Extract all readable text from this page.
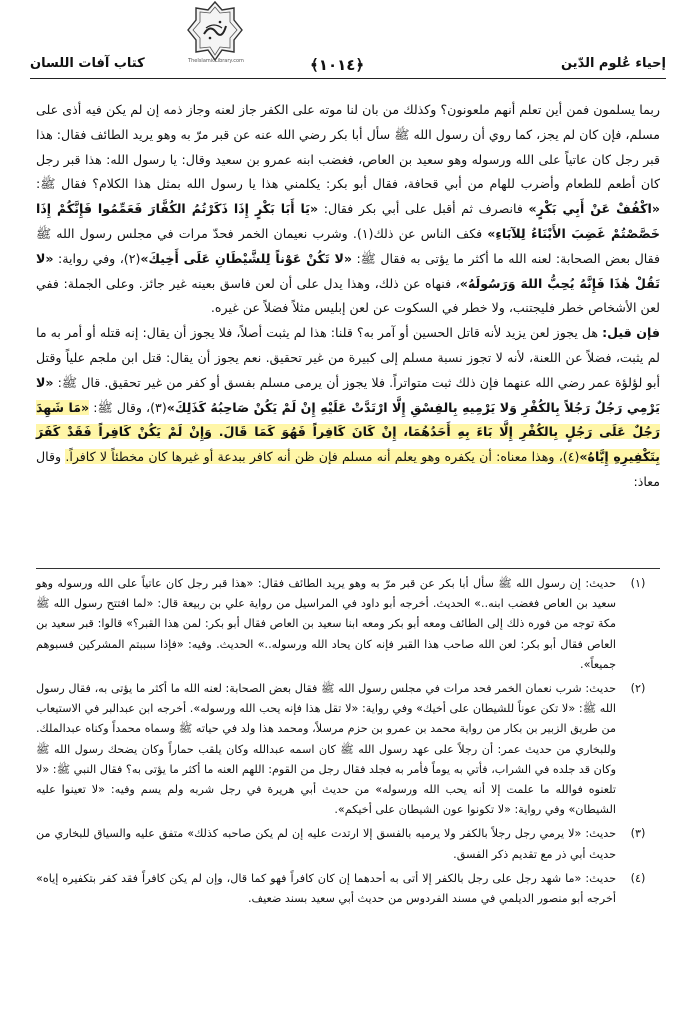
إحياء عُلوم الدّين
﴿١٠١٤﴾
كتاب آفات اللسان	TheIslamicLibrary.com

ربما يسلمون فمن أين تعلم أنهم ملعونون؟ وكذلك من بان لنا موته على الكفر جاز لعنه وجاز ذمه إن لم يكن فيه أذى على مسلم، فإن كان لم يجز، كما روي أن رسول الله ﷺ سأل أبا بكر رضي الله عنه عن قبر مرّ به وهو يريد الطائف فقال: هذا قبر رجل كان عاتياً على الله ورسوله وهو سعيد بن العاص، فغضب ابنه عمرو بن سعيد وقال: يا رسول الله: هذا قبر رجل كان أطعم للطعام وأضرب للهام من أبي قحافة، فقال أبو بكر: يكلمني هذا يا رسول الله بمثل هذا الكلام؟ فقال ﷺ: «اكْفُفْ عَنْ أَبِي بَكْرٍ» فانصرف ثم أقبل على أبي بكر فقال: «يَا أَبَا بَكْرٍ إِذَا ذَكَرْتُمُ الكُفَّارَ فَعَمِّمُوا فَإِنَّكُمْ إِذَا خَصَّصْتُمْ غَضِبَ الأَبْنَاءُ لِلآبَاءِ» فكف الناس عن ذلك(١). وشرب نعيمان الخمر فحدّ مرات في مجلس رسول الله ﷺ فقال بعض الصحابة: لعنه الله ما أكثر ما يؤتى به فقال ﷺ: «لا تَكُنْ عَوْناً لِلشَّيْطَانِ عَلَى أَخِيكَ»(٢)، وفي رواية: «لا تَقُلْ هٰذَا فَإِنَّهُ يُحِبُّ اللهَ وَرَسُولَهُ»، فنهاه عن ذلك، وهذا يدل على أن لعن فاسق بعينه غير جائز. وعلى الجملة: ففي لعن الأشخاص خطر فليجتنب، ولا خطر في السكوت عن لعن إبليس مثلاً فضلاً عن غيره.

فإن قيل: هل يجوز لعن يزيد لأنه قاتل الحسين أو آمر به؟ قلنا: هذا لم يثبت أصلاً، فلا يجوز أن يقال: إنه قتله أو أمر به ما لم يثبت، فضلاً عن اللعنة، لأنه لا تجوز نسبة مسلم إلى كبيرة من غير تحقيق. نعم يجوز أن يقال: قتل ابن ملجم علياً وقتل أبو لؤلؤة عمر رضي الله عنهما فإن ذلك ثبت متواتراً. فلا يجوز أن يرمى مسلم بفسق أو كفر من غير تحقيق. قال ﷺ: «لا يَرْمِي رَجُلٌ رَجُلاً بِالكُفْرِ وَلا يَرْمِيهِ بِالفِسْقِ إِلَّا ارْتَدَّتْ عَلَيْهِ إِنْ لَمْ يَكُنْ صَاحِبُهُ كَذَلِكَ»(٣)، وقال ﷺ: «مَا شَهِدَ رَجُلٌ عَلَى رَجُلٍ بِالكُفْرِ إِلَّا بَاءَ بِهِ أَحَدُهُمَا، إِنْ كَانَ كَافِراً فَهُوَ كَمَا قَالَ. وَإِنْ لَمْ يَكُنْ كَافِراً فَقَدْ كَفَرَ بِتَكْفِيرِهِ إِيَّاهُ»(٤)، وهذا معناه: أن يكفره وهو يعلم أنه مسلم فإن ظن أنه كافر ببدعة أو غيرها كان مخطئاً لا كافراً. وقال معاذ:

(١)
حديث: إن رسول الله ﷺ سأل أبا بكر عن قبر مرّ به وهو يريد الطائف فقال: «هذا قبر رجل كان عاتياً على الله ورسوله وهو سعيد بن العاص فغضب ابنه..» الحديث. أخرجه أبو داود في المراسيل من رواية علي بن ربيعة قال: «لما افتتح رسول الله ﷺ مكة توجه من فوره ذلك إلى الطائف ومعه أبو بكر ومعه ابنا سعيد بن العاص فقال أبو بكر: لمن هذا القبر؟» قالوا: قبر سعيد بن العاص فقال أبو بكر: لعن الله صاحب هذا القبر فإنه كان يحاد الله ورسوله..» الحديث. وفيه: «فإذا سببتم المشركين فسبوهم جميعاً».
(٢)
حديث: شرب نعمان الخمر فحد مرات في مجلس رسول الله ﷺ فقال بعض الصحابة: لعنه الله ما أكثر ما يؤتى به، فقال رسول الله ﷺ: «لا تكن عوناً للشيطان على أخيك» وفي رواية: «لا تقل هذا فإنه يحب الله ورسوله». أخرجه ابن عبدالبر في الاستيعاب من طريق الزبير بن بكار من رواية محمد بن عمرو بن حزم مرسلاً، ومحمد هذا ولد في حياته ﷺ وسماه محمداً وكناه عبدالملك. وللبخاري من حديث عمر: أن رجلاً على عهد رسول الله ﷺ كان اسمه عبدالله وكان يلقب حماراً وكان يضحك رسول الله ﷺ وكان قد جلده في الشراب، فأتي به يوماً فأمر به فجلد فقال رجل من القوم: اللهم العنه ما أكثر ما يؤتى به؟ فقال النبي ﷺ: «لا تلعنوه فوالله ما علمت إلا أنه يحب الله ورسوله» من حديث أبي هريرة في رجل شربه ولم يسم وفيه: «لا تعينوا عليه الشيطان» وفي رواية: «لا تكونوا عون الشيطان على أخيكم».
(٣)
حديث: «لا يرمي رجل رجلاً بالكفر ولا يرميه بالفسق إلا ارتدت عليه إن لم يكن صاحبه كذلك» متفق عليه والسياق للبخاري من حديث أبي ذر مع تقديم ذكر الفسق.
(٤)
حديث: «ما شهد رجل على رجل بالكفر إلا أتى به أحدهما إن كان كافراً فهو كما قال، وإن لم يكن كافراً فقد كفر بتكفيره إياه» أخرجه أبو منصور الديلمي في مسند الفردوس من حديث أبي سعيد بسند ضعيف.
